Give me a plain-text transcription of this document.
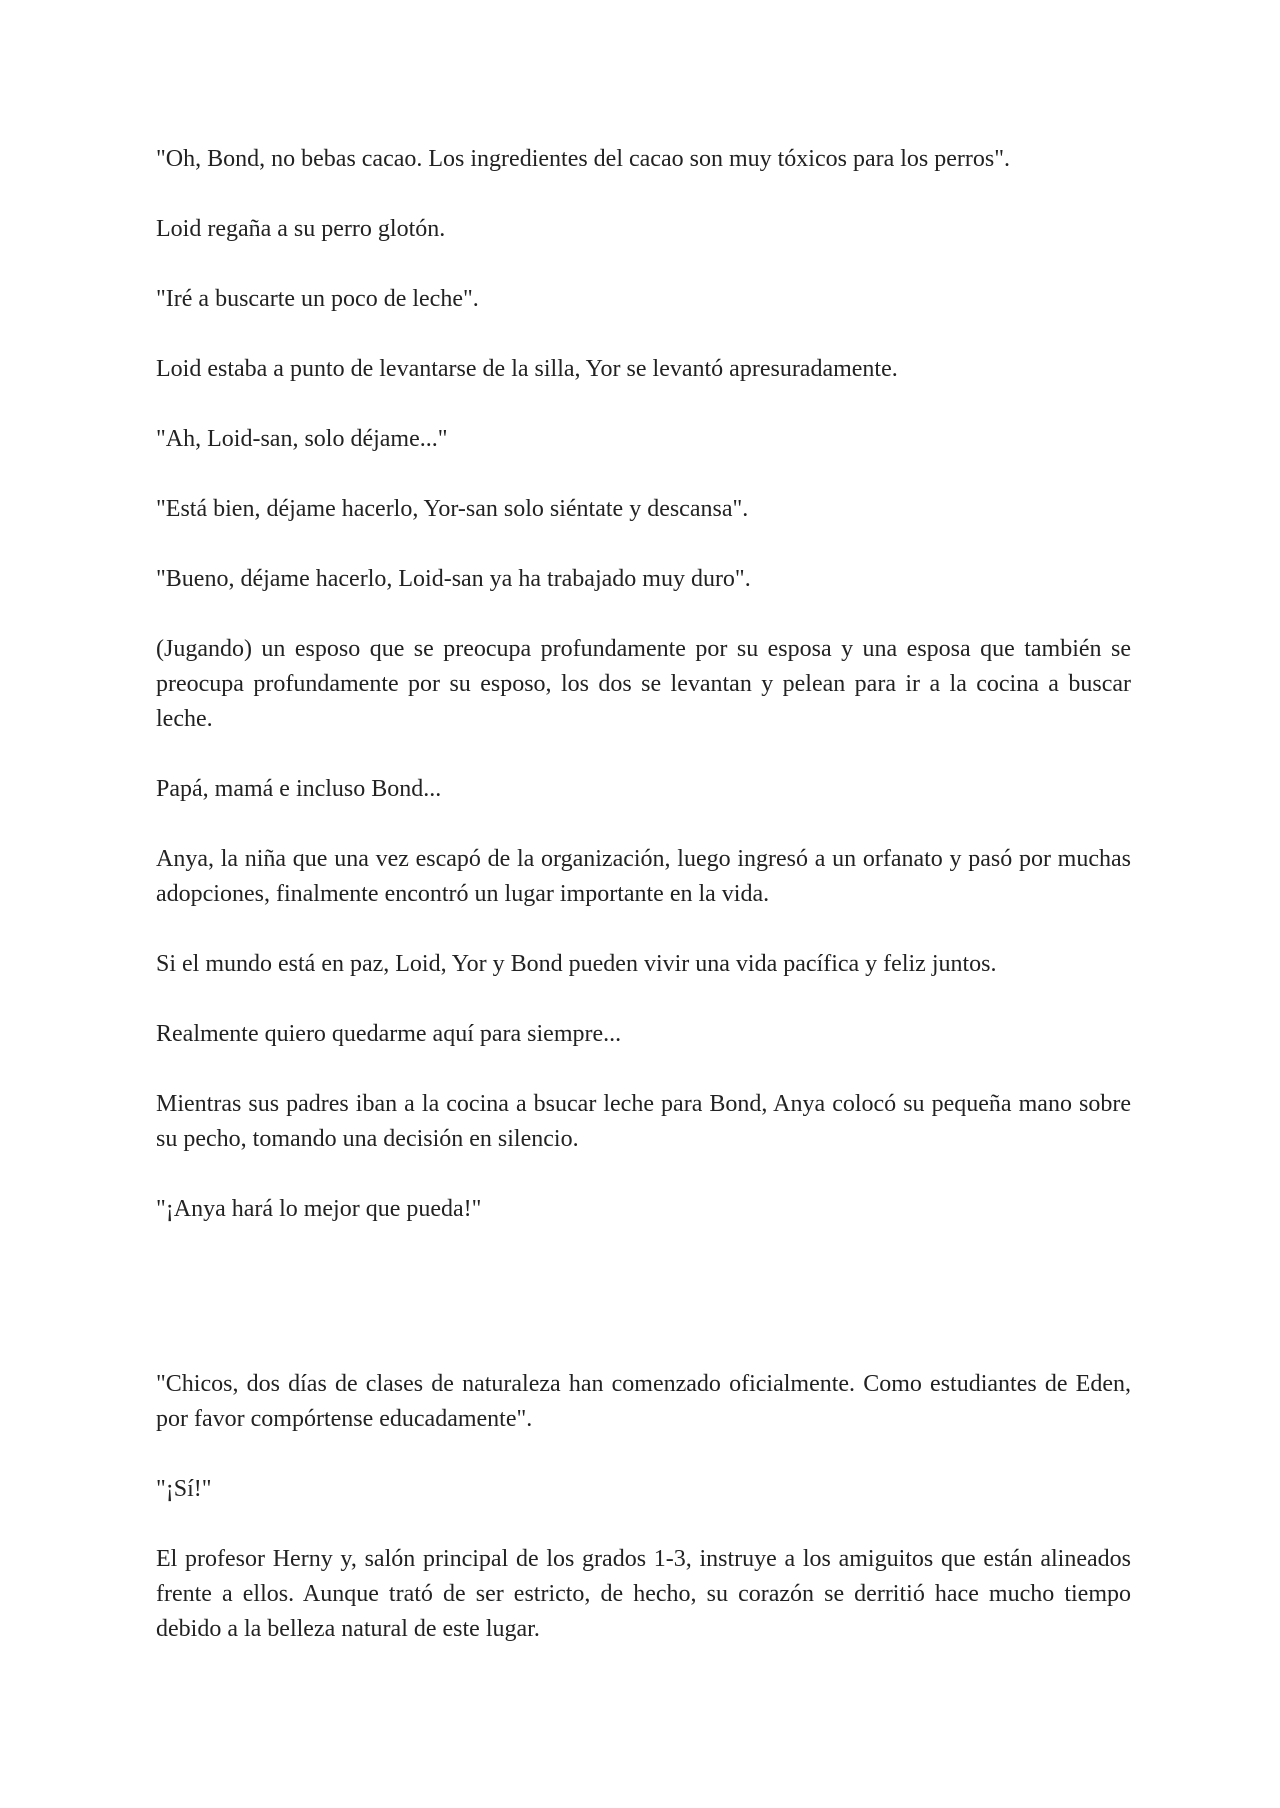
"Oh, Bond, no bebas cacao. Los ingredientes del cacao son muy tóxicos para los perros".

Loid regaña a su perro glotón.

"Iré a buscarte un poco de leche".

Loid estaba a punto de levantarse de la silla, Yor se levantó apresuradamente.

"Ah, Loid-san, solo déjame..."

"Está bien, déjame hacerlo, Yor-san solo siéntate y descansa".

"Bueno, déjame hacerlo, Loid-san ya ha trabajado muy duro".

(Jugando) un esposo que se preocupa profundamente por su esposa y una esposa que también se preocupa profundamente por su esposo, los dos se levantan y pelean para ir a la cocina a buscar leche.

Papá, mamá e incluso Bond...

Anya, la niña que una vez escapó de la organización, luego ingresó a un orfanato y pasó por muchas adopciones, finalmente encontró un lugar importante en la vida.

Si el mundo está en paz, Loid, Yor y Bond pueden vivir una vida pacífica y feliz juntos.

Realmente quiero quedarme aquí para siempre...

Mientras sus padres iban a la cocina a bsucar leche para Bond, Anya colocó su pequeña mano sobre su pecho, tomando una decisión en silencio.

"¡Anya hará lo mejor que pueda!"

"Chicos, dos días de clases de naturaleza han comenzado oficialmente. Como estudiantes de Eden, por favor compórtense educadamente".

"¡Sí!"

El profesor Herny y, salón principal de los grados 1-3, instruye a los amiguitos que están alineados frente a ellos. Aunque trató de ser estricto, de hecho, su corazón se derritió hace mucho tiempo debido a la belleza natural de este lugar.
